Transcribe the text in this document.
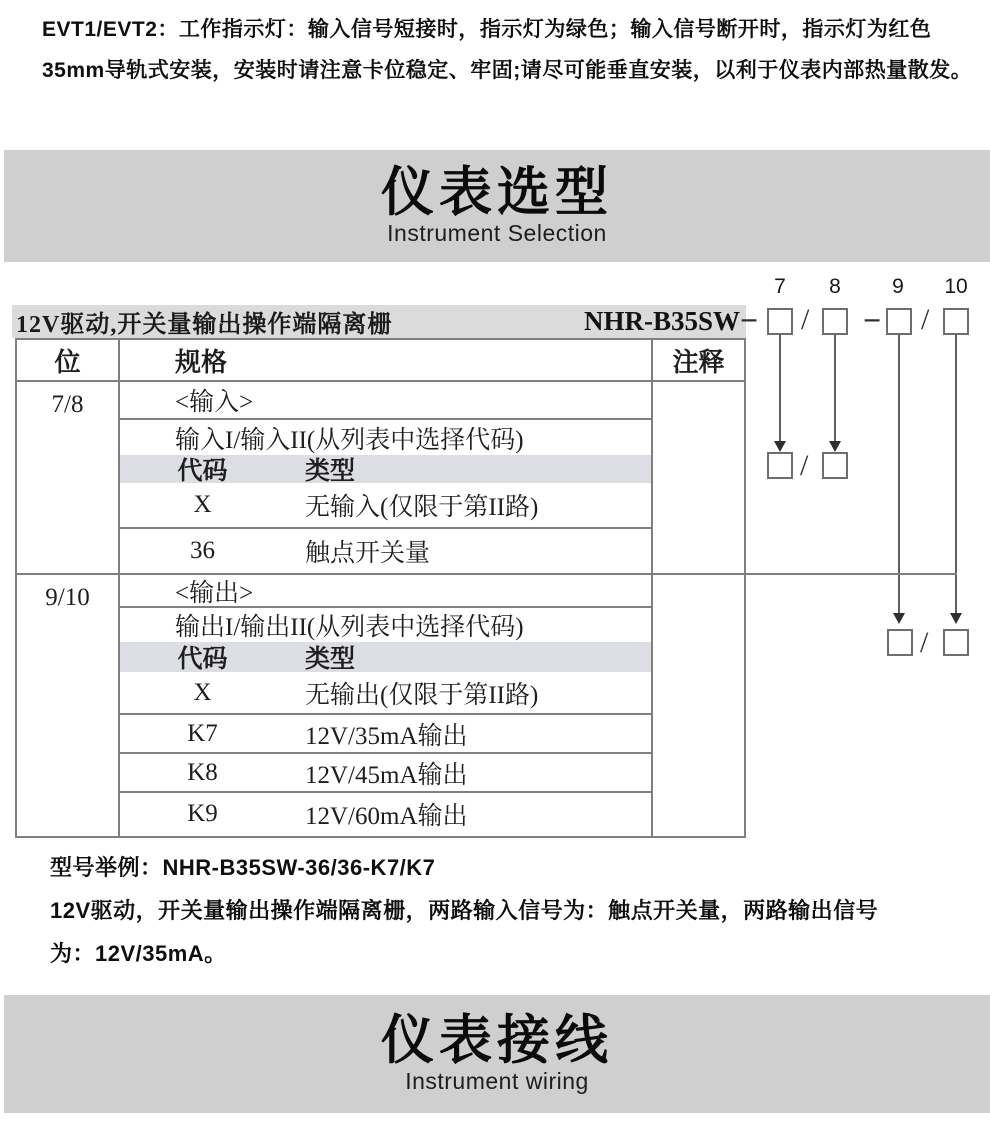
EVT1/EVT2：工作指示灯：输入信号短接时，指示灯为绿色；输入信号断开时，指示灯为红色
35mm导轨式安装，安装时请注意卡位稳定、牢固;请尽可能垂直安装，以利于仪表内部热量散发。
仪表选型
Instrument Selection
12V驱动,开关量输出操作端隔离栅	NHR-B35SW
位	规格	注释
7/8	<输入>
输入I/输入II(从列表中选择代码)
代码	类型
X	无输入(仅限于第II路)
36	触点开关量
9/10	<输出>
输出I/输出II(从列表中选择代码)
代码	类型
X	无输出(仅限于第II路)
K7	12V/35mA输出
K8	12V/45mA输出
K9	12V/60mA输出
7	8	9	10
− / − /
/
/
型号举例：NHR-B35SW-36/36-K7/K7
12V驱动，开关量输出操作端隔离栅，两路输入信号为：触点开关量，两路输出信号
为：12V/35mA。
仪表接线
Instrument wiring
